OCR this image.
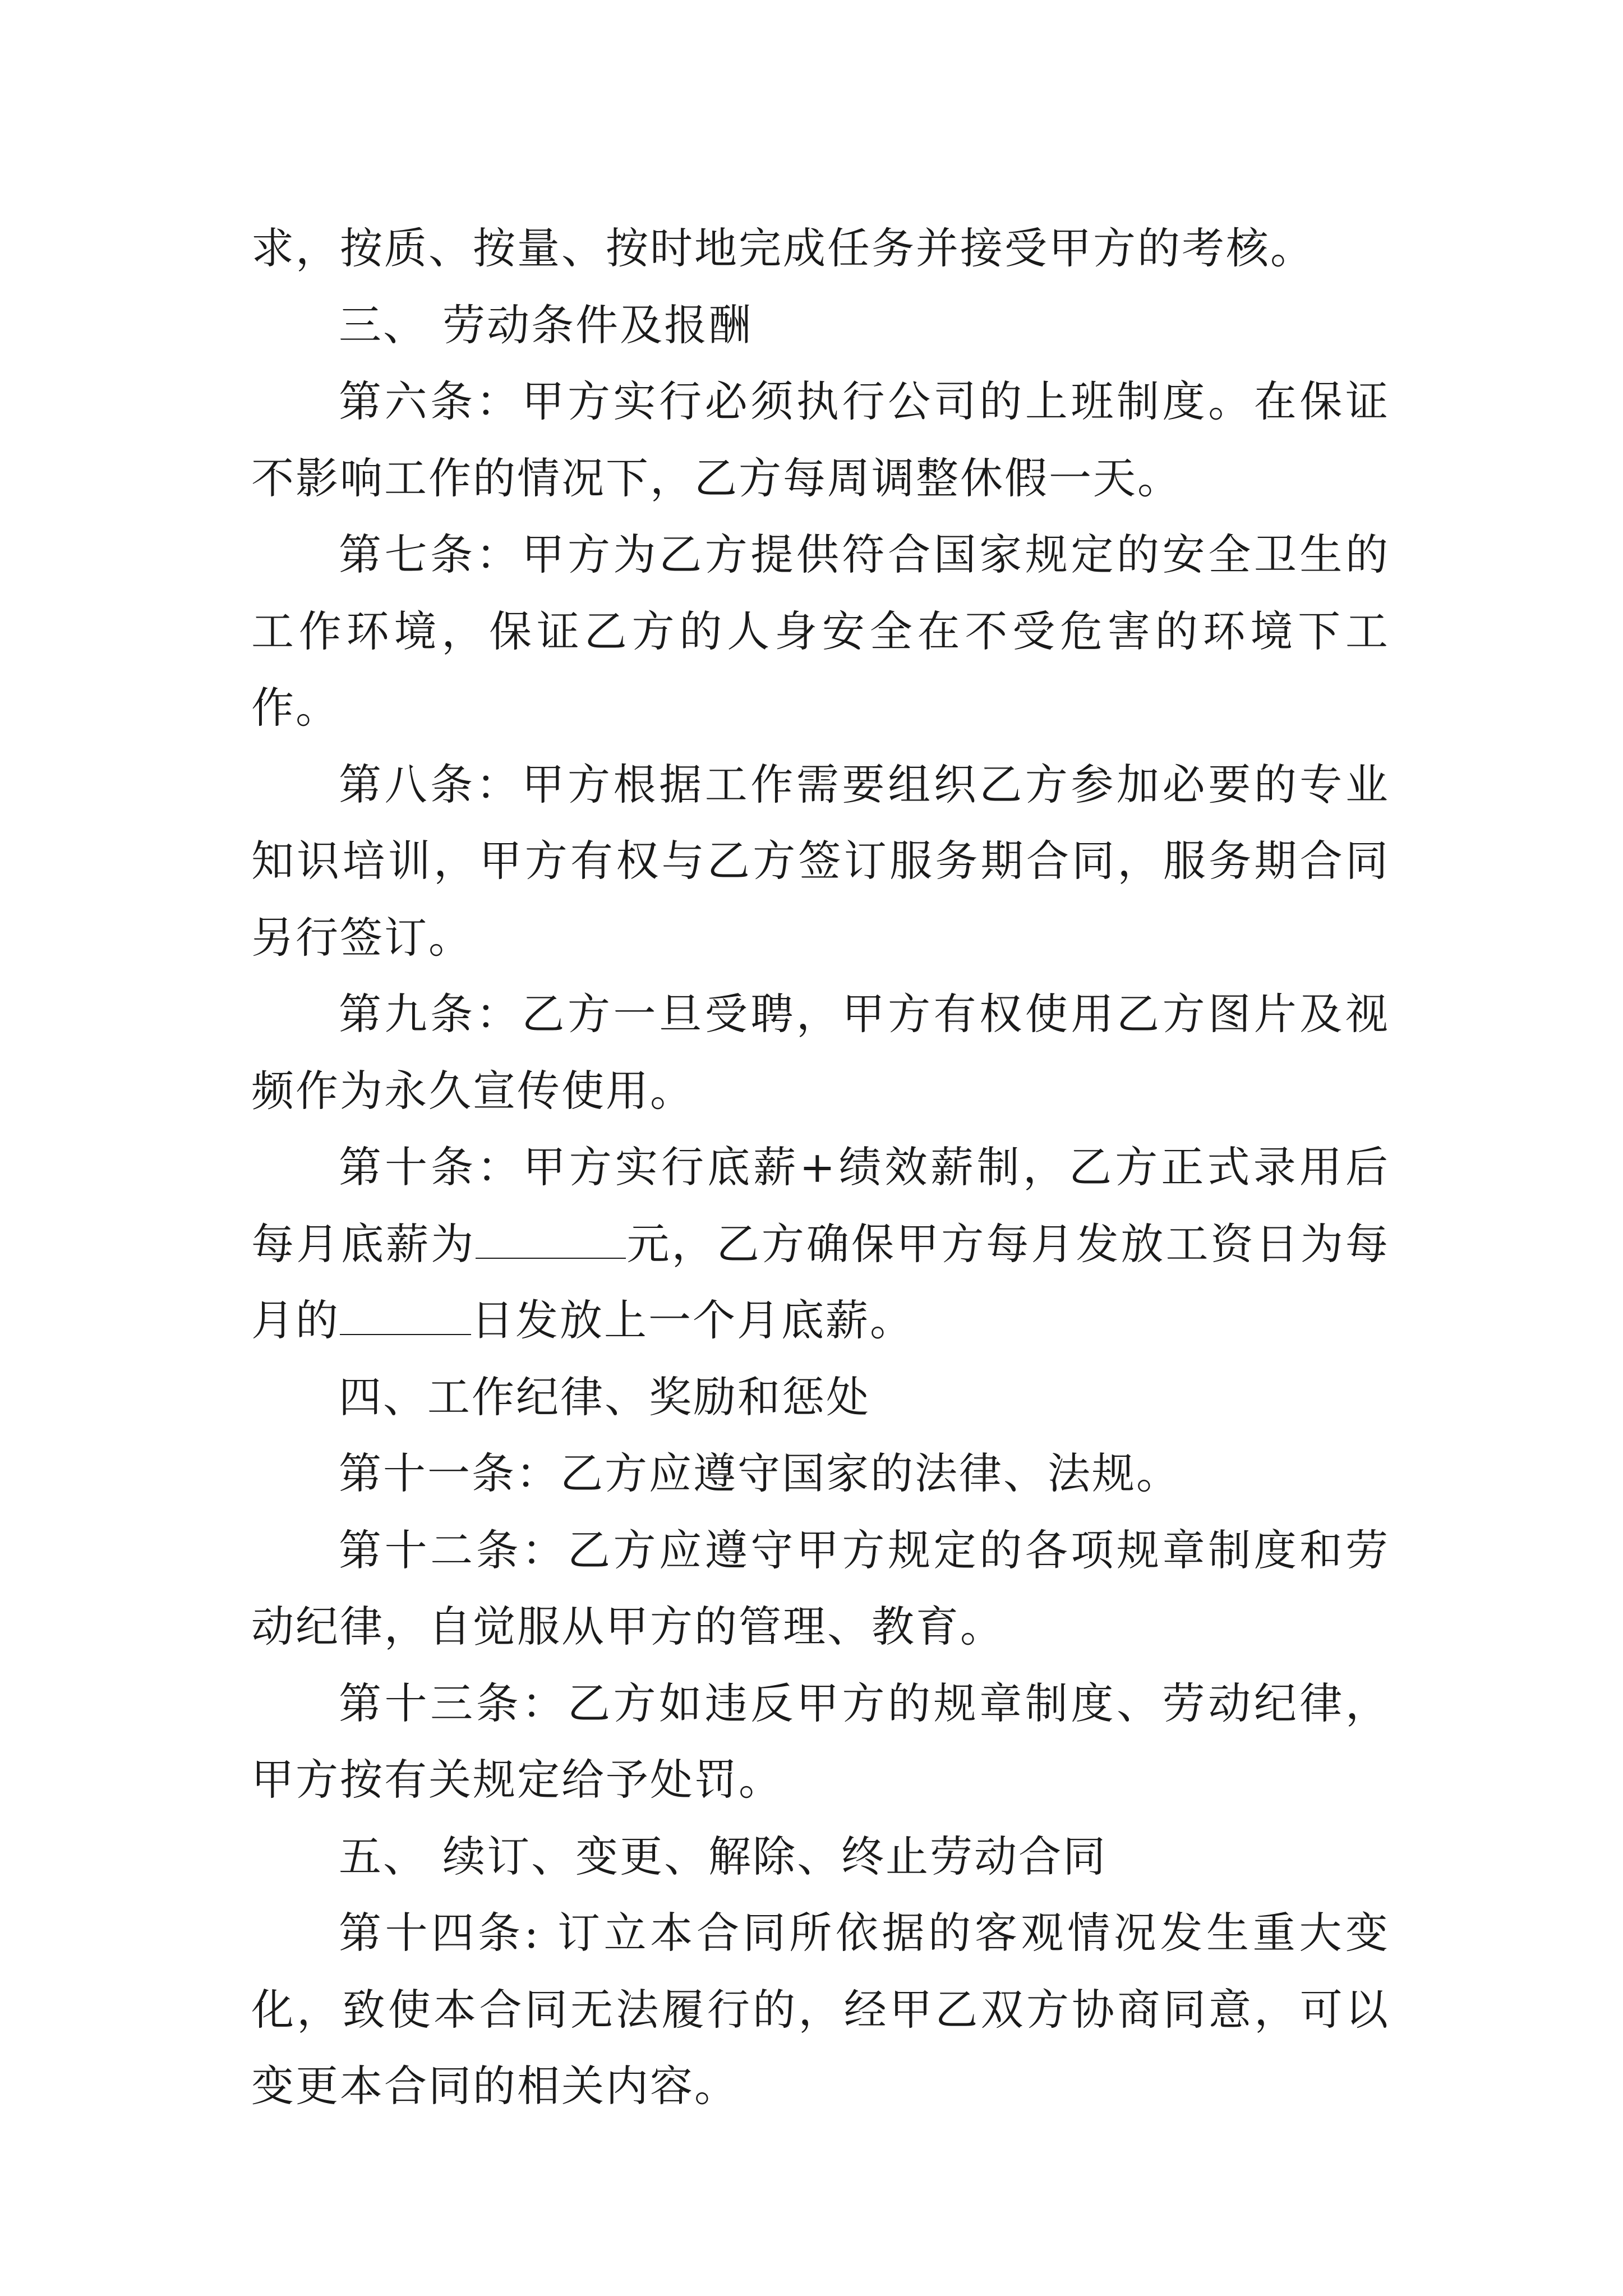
求，按质、按量、按时地完成任务并接受甲方的考核。

三、 劳动条件及报酬

第六条：甲方实行必须执行公司的上班制度。在保证不影响工作的情况下，乙方每周调整休假一天。

第七条：甲方为乙方提供符合国家规定的安全卫生的工作环境，保证乙方的人身安全在不受危害的环境下工作。

第八条：甲方根据工作需要组织乙方参加必要的专业知识培训，甲方有权与乙方签订服务期合同，服务期合同另行签订。

第九条：乙方一旦受聘，甲方有权使用乙方图片及视频作为永久宣传使用。

第十条：甲方实行底薪+绩效薪制，乙方正式录用后每月底薪为	元，乙方确保甲方每月发放工资日为每月的	日发放上一个月底薪。

四、工作纪律、奖励和惩处

第十一条：乙方应遵守国家的法律、法规。

第十二条：乙方应遵守甲方规定的各项规章制度和劳动纪律，自觉服从甲方的管理、教育。

第十三条：乙方如违反甲方的规章制度、劳动纪律，甲方按有关规定给予处罚。

五、 续订、变更、解除、终止劳动合同

第十四条: 订立本合同所依据的客观情况发生重大变化，致使本合同无法履行的，经甲乙双方协商同意，可以变更本合同的相关内容。
